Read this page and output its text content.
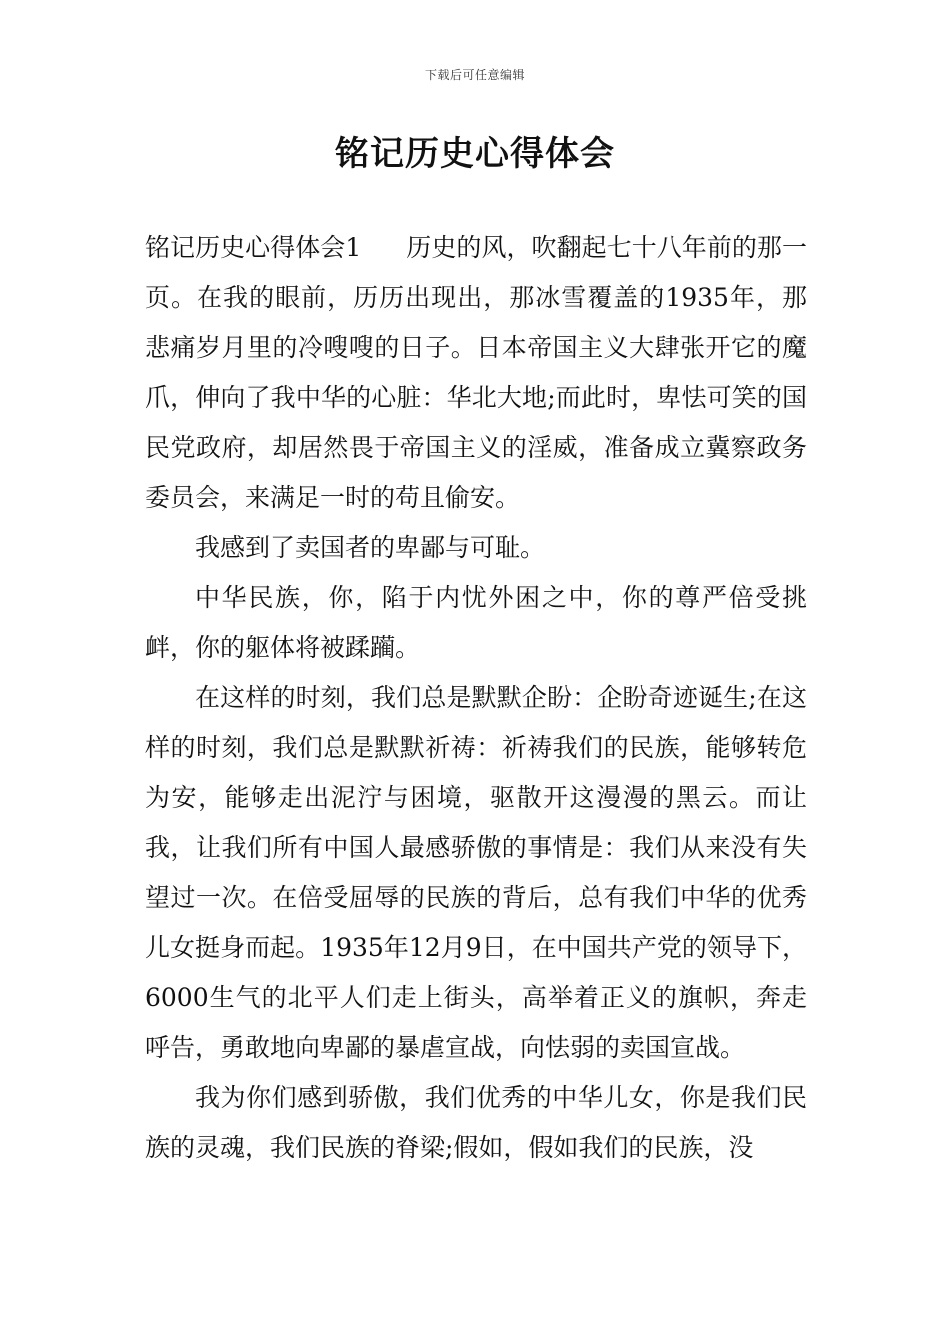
下载后可任意编辑
铭记历史心得体会

铭记历史心得体会1 历史的风，吹翻起七十八年前的那一页。在我的眼前，历历出现出，那冰雪覆盖的1935年，那悲痛岁月里的冷嗖嗖的日子。日本帝国主义大肆张开它的魔爪，伸向了我中华的心脏：华北大地;而此时，卑怯可笑的国民党政府，却居然畏于帝国主义的淫威，准备成立冀察政务委员会，来满足一时的苟且偷安。

我感到了卖国者的卑鄙与可耻。

中华民族，你，陷于内忧外困之中，你的尊严倍受挑衅，你的躯体将被蹂躏。

在这样的时刻，我们总是默默企盼：企盼奇迹诞生;在这样的时刻，我们总是默默祈祷：祈祷我们的民族，能够转危为安，能够走出泥泞与困境，驱散开这漫漫的黑云。而让我，让我们所有中国人最感骄傲的事情是：我们从来没有失望过一次。在倍受屈辱的民族的背后，总有我们中华的优秀儿女挺身而起。1935年12月9日，在中国共产党的领导下，6000生气的北平人们走上街头，高举着正义的旗帜，奔走呼告，勇敢地向卑鄙的暴虐宣战，向怯弱的卖国宣战。

我为你们感到骄傲，我们优秀的中华儿女，你是我们民族的灵魂，我们民族的脊梁;假如，假如我们的民族，没
